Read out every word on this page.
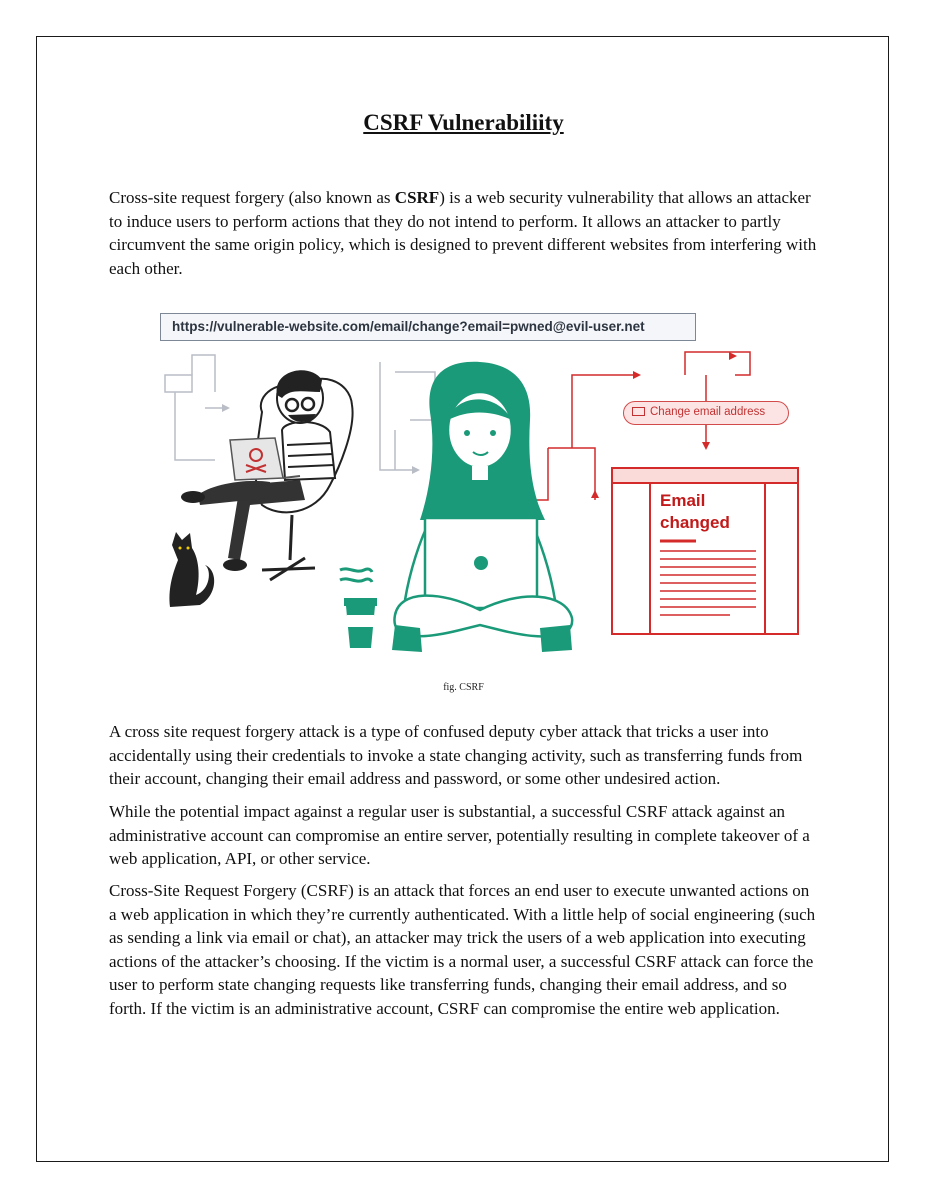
CSRF Vulnerabiliity
Cross-site request forgery (also known as CSRF) is a web security vulnerability that allows an attacker to induce users to perform actions that they do not intend to perform. It allows an attacker to partly circumvent the same origin policy, which is designed to prevent different websites from interfering with each other.
https://vulnerable-website.com/email/change?email=pwned@evil-user.net
Change email address
Email
changed
fig. CSRF
A cross site request forgery attack is a type of confused deputy cyber attack that tricks a user into accidentally using their credentials to invoke a state changing activity, such as transferring funds from their account, changing their email address and password, or some other undesired action.
While the potential impact against a regular user is substantial, a successful CSRF attack against an administrative account can compromise an entire server, potentially resulting in complete takeover of a web application, API, or other service.
Cross-Site Request Forgery (CSRF) is an attack that forces an end user to execute unwanted actions on a web application in which they’re currently authenticated. With a little help of social engineering (such as sending a link via email or chat), an attacker may trick the users of a web application into executing actions of the attacker’s choosing. If the victim is a normal user, a successful CSRF attack can force the user to perform state changing requests like transferring funds, changing their email address, and so forth. If the victim is an administrative account, CSRF can compromise the entire web application.
